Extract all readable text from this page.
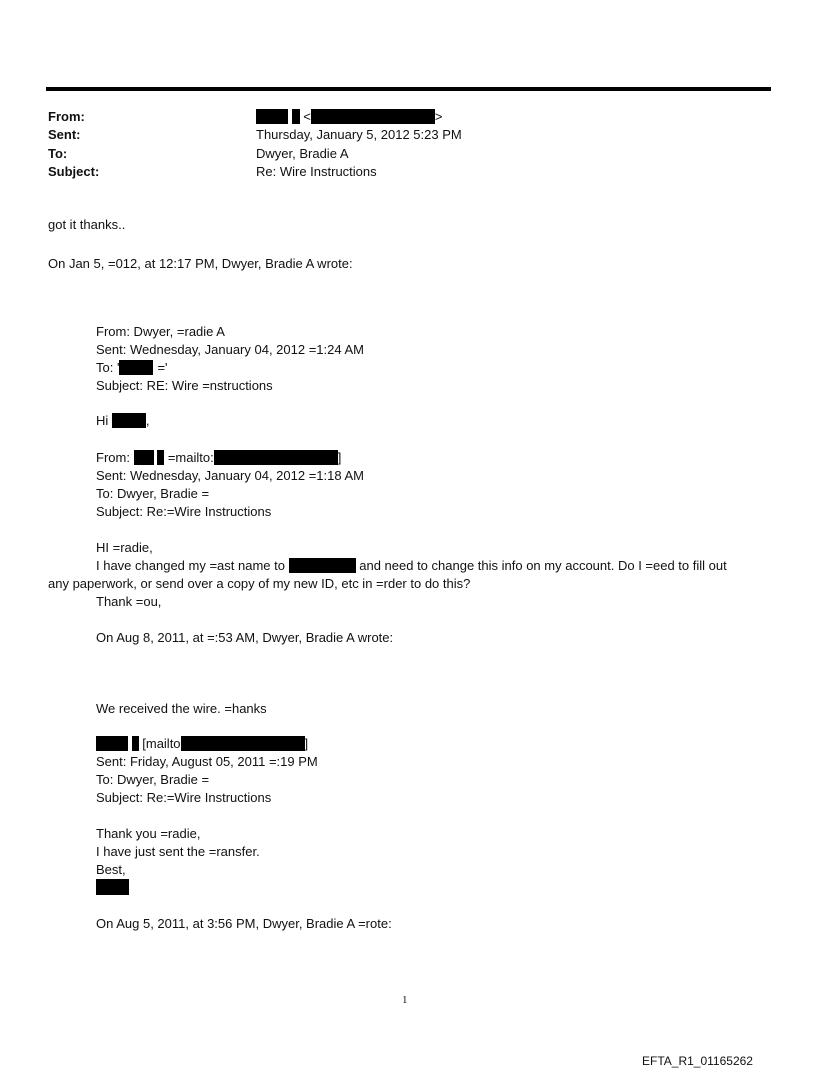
From:	<	>
Sent:	Thursday, January 5, 2012 5:23 PM
To:	Dwyer, Bradie A
Subject:	Re: Wire Instructions
got it thanks..
On Jan 5, =012, at 12:17 PM, Dwyer, Bradie A wrote:
From: Dwyer, =radie A
Sent: Wednesday, January 04, 2012 =1:24 AM
To: '	='
Subject: RE: Wire =nstructions
Hi	,
From:	=mailto:	]
Sent: Wednesday, January 04, 2012 =1:18 AM
To: Dwyer, Bradie =
Subject: Re:=Wire Instructions
HI =radie,
I have changed my =ast name to	and need to change this info on my account. Do I =eed to fill out
any paperwork, or send over a copy of my new ID, etc in =rder to do this?
Thank =ou,
On Aug 8, 2011, at =:53 AM, Dwyer, Bradie A wrote:
We received the wire. =hanks
[mailto	]
Sent: Friday, August 05, 2011 =:19 PM
To: Dwyer, Bradie =
Subject: Re:=Wire Instructions
Thank you =radie,
I have just sent the =ransfer.
Best,
On Aug 5, 2011, at 3:56 PM, Dwyer, Bradie A =rote:
1
EFTA_R1_01165262
